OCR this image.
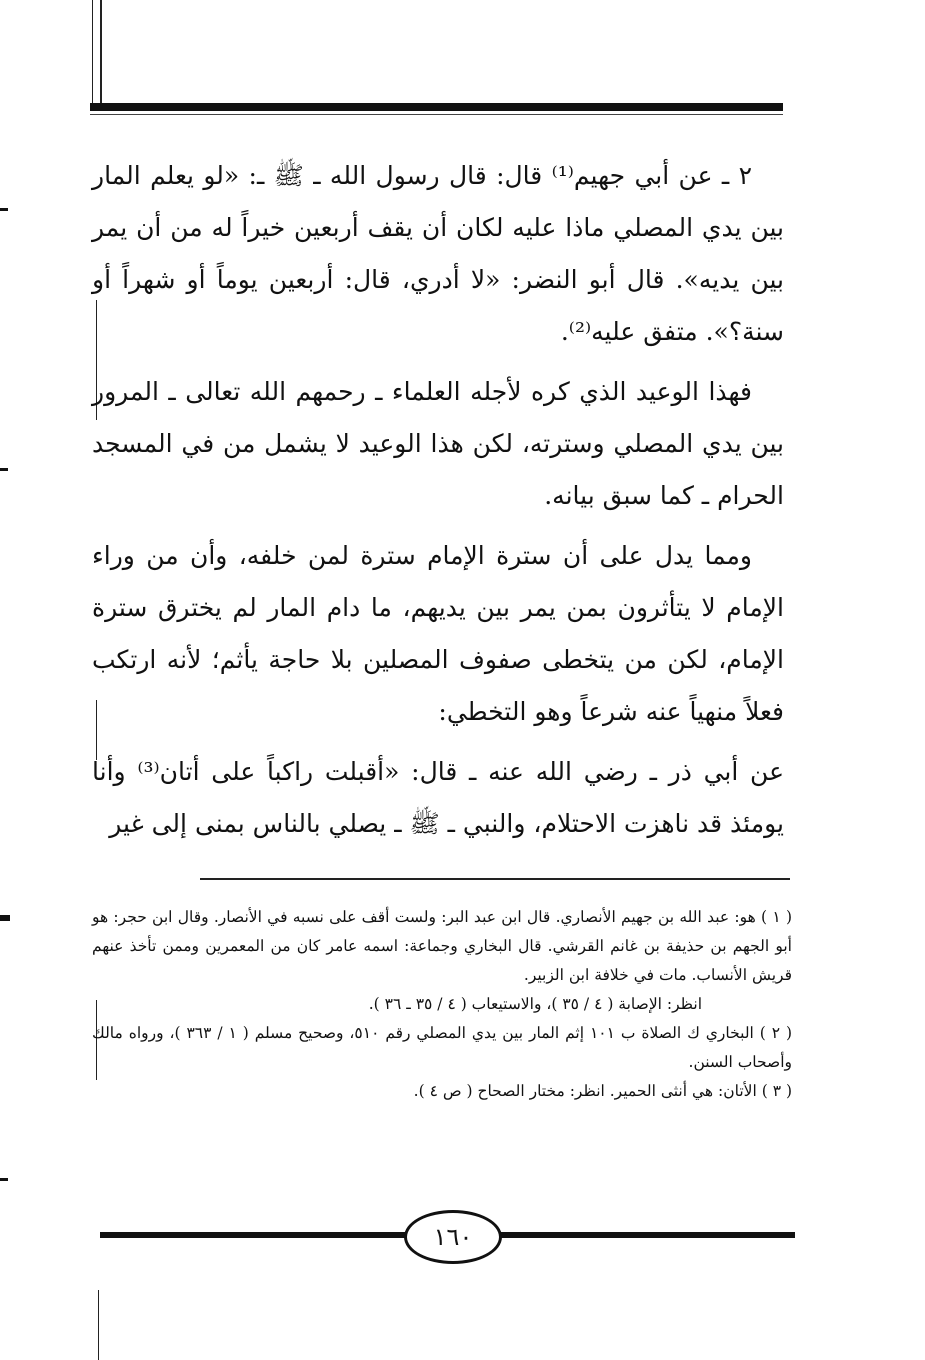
٢ ـ عن أبي جهيم⁽¹⁾ قال: قال رسول الله ـ ﷺ ـ: «لو يعلم المار بين يدي المصلي ماذا عليه لكان أن يقف أربعين خيراً له من أن يمر بين يديه». قال أبو النضر: «لا أدري، قال: أربعين يوماً أو شهراً أو سنة؟». متفق عليه⁽²⁾.

فهذا الوعيد الذي كره لأجله العلماء ـ رحمهم الله تعالى ـ المرور بين يدي المصلي وسترته، لكن هذا الوعيد لا يشمل من في المسجد الحرام ـ كما سبق بيانه.

ومما يدل على أن سترة الإمام سترة لمن خلفه، وأن من وراء الإمام لا يتأثرون بمن يمر بين يديهم، ما دام المار لم يخترق سترة الإمام، لكن من يتخطى صفوف المصلين بلا حاجة يأثم؛ لأنه ارتكب فعلاً منهياً عنه شرعاً وهو التخطي:

عن أبي ذر ـ رضي الله عنه ـ قال: «أقبلت راكباً على أتان⁽³⁾ وأنا يومئذ قد ناهزت الاحتلام، والنبي ـ ﷺ ـ يصلي بالناس بمنى إلى غير

( ١ ) هو: عبد الله بن جهيم الأنصاري. قال ابن عبد البر: ولست أقف على نسبه في الأنصار. وقال ابن حجر: هو أبو الجهم بن حذيفة بن غانم القرشي. قال البخاري وجماعة: اسمه عامر كان من المعمرين وممن تأخذ عنهم قريش الأنساب. مات في خلافة ابن الزبير.

انظر: الإصابة ( ٤ / ٣٥ )، والاستيعاب ( ٤ / ٣٥ ـ ٣٦ ).

( ٢ ) البخاري ك الصلاة ب ١٠١ إثم المار بين يدي المصلي رقم ٥١٠، وصحيح مسلم ( ١ / ٣٦٣ )، ورواه مالك وأصحاب السنن.

( ٣ ) الأتان: هي أنثى الحمير. انظر: مختار الصحاح ( ص ٤ ).

١٦٠
